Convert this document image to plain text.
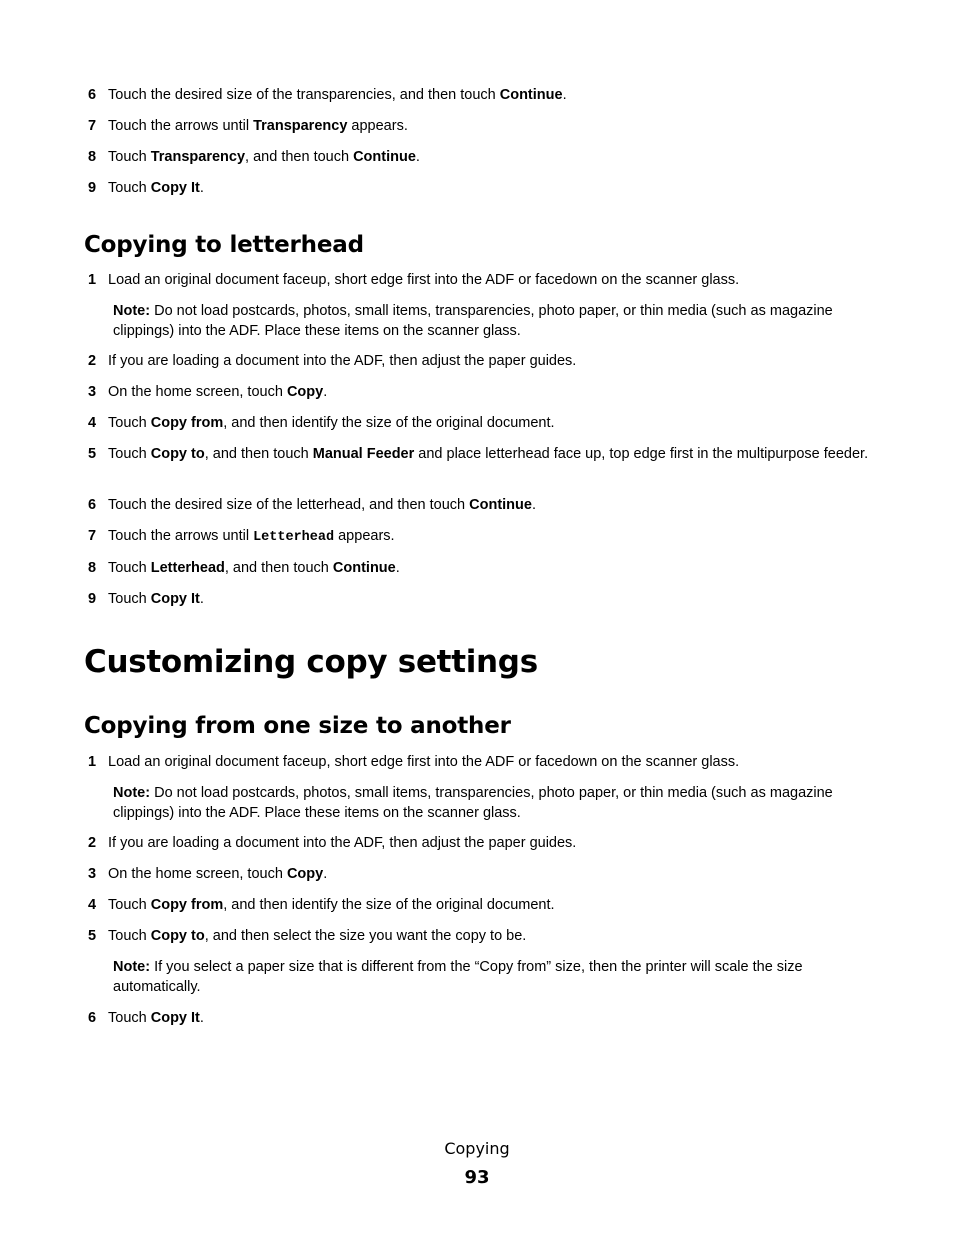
6 Touch the desired size of the transparencies, and then touch Continue.
7 Touch the arrows until Transparency appears.
8 Touch Transparency, and then touch Continue.
9 Touch Copy It.
Copying to letterhead
1 Load an original document faceup, short edge first into the ADF or facedown on the scanner glass.
Note: Do not load postcards, photos, small items, transparencies, photo paper, or thin media (such as magazine clippings) into the ADF. Place these items on the scanner glass.
2 If you are loading a document into the ADF, then adjust the paper guides.
3 On the home screen, touch Copy.
4 Touch Copy from, and then identify the size of the original document.
5 Touch Copy to, and then touch Manual Feeder and place letterhead face up, top edge first in the multipurpose feeder.
6 Touch the desired size of the letterhead, and then touch Continue.
7 Touch the arrows until Letterhead appears.
8 Touch Letterhead, and then touch Continue.
9 Touch Copy It.
Customizing copy settings
Copying from one size to another
1 Load an original document faceup, short edge first into the ADF or facedown on the scanner glass.
Note: Do not load postcards, photos, small items, transparencies, photo paper, or thin media (such as magazine clippings) into the ADF. Place these items on the scanner glass.
2 If you are loading a document into the ADF, then adjust the paper guides.
3 On the home screen, touch Copy.
4 Touch Copy from, and then identify the size of the original document.
5 Touch Copy to, and then select the size you want the copy to be.
Note: If you select a paper size that is different from the “Copy from” size, then the printer will scale the size automatically.
6 Touch Copy It.
Copying
93
